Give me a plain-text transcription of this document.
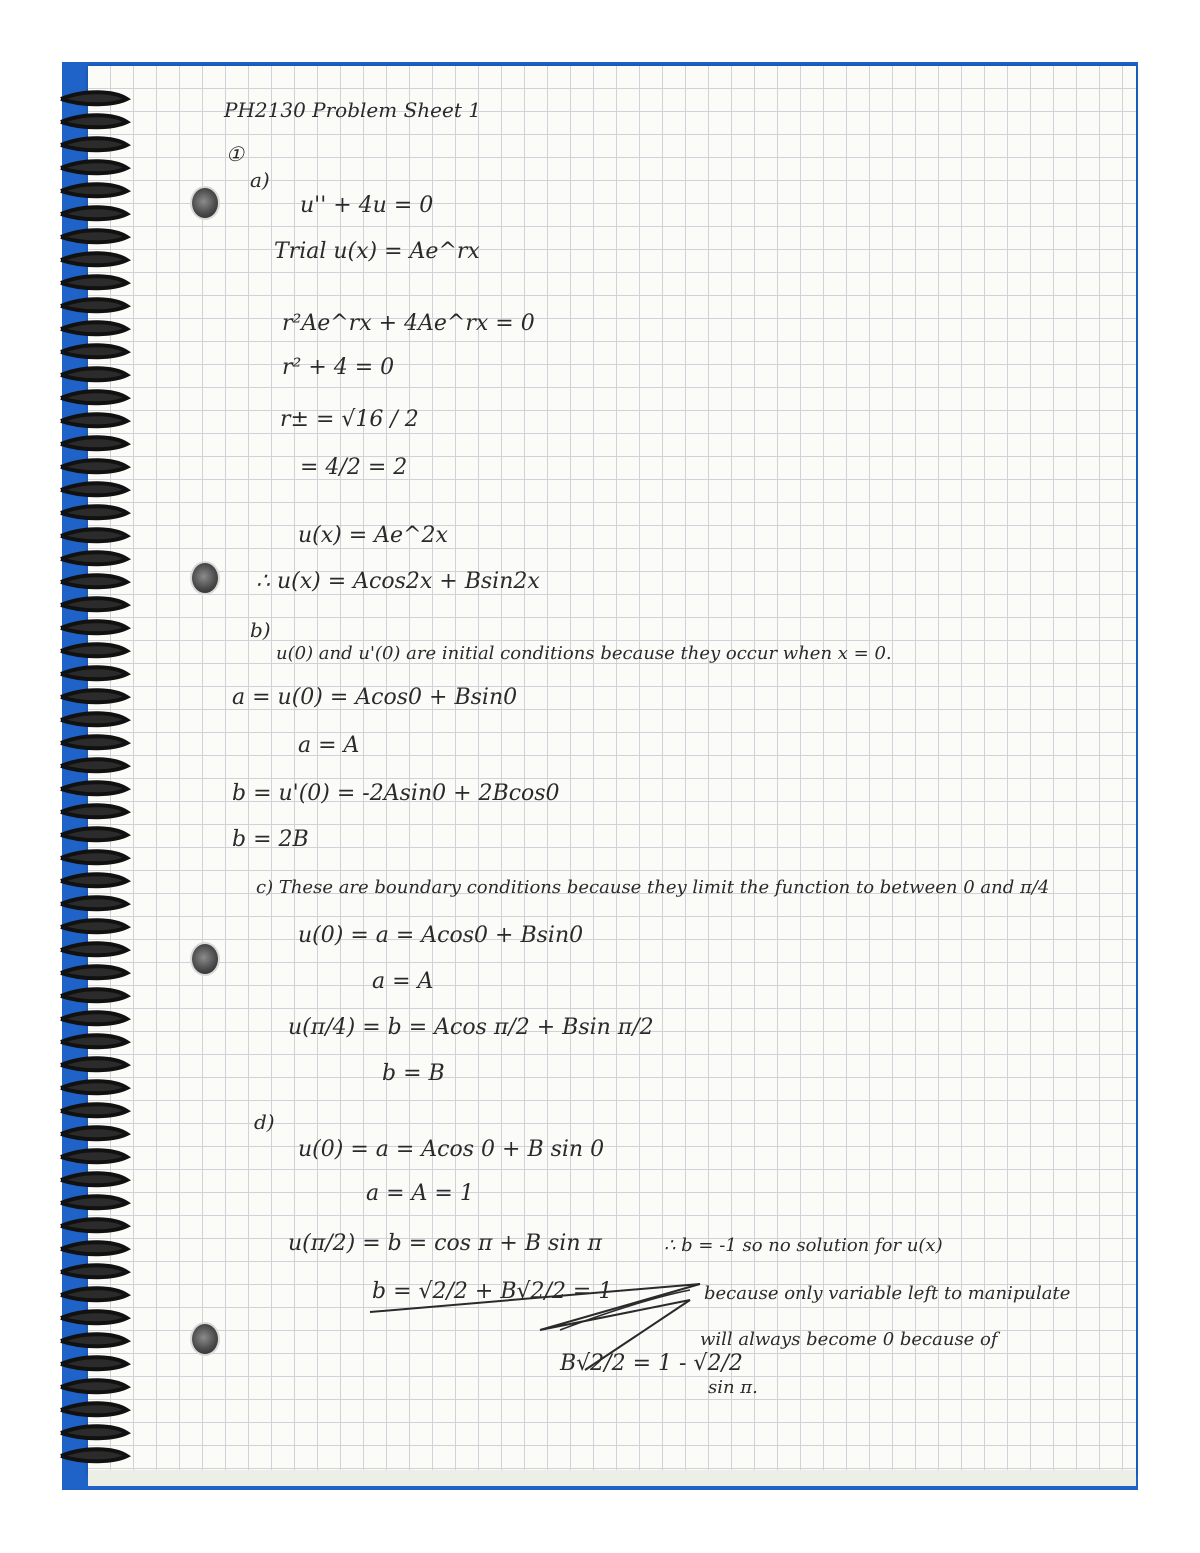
PH2130 Problem Sheet 1
①
a)
u'' + 4u = 0
Trial u(x) = Ae^rx
r²Ae^rx + 4Ae^rx = 0
r² + 4 = 0
r± = √16 / 2
= 4/2 = 2
u(x) = Ae^2x
∴ u(x) = Acos2x + Bsin2x
b)
u(0) and u'(0) are initial conditions because they occur when x = 0.
a = u(0) = Acos0 + Bsin0
a = A
b = u'(0) = -2Asin0 + 2Bcos0
b = 2B
c) These are boundary conditions because they limit the function to between 0 and π/4
u(0) = a = Acos0 + Bsin0
a = A
u(π/4) = b = Acos π/2 + Bsin π/2
b = B
d)
u(0) = a = Acos 0 + B sin 0
a = A = 1
u(π/2) = b = cos π + B sin π	∴ b = -1 so no solution for u(x)
b = √2/2 + B√2/2 = 1	because only variable left to manipulate
will always become 0 because of
B√2/2 = 1 - √2/2
sin π.
